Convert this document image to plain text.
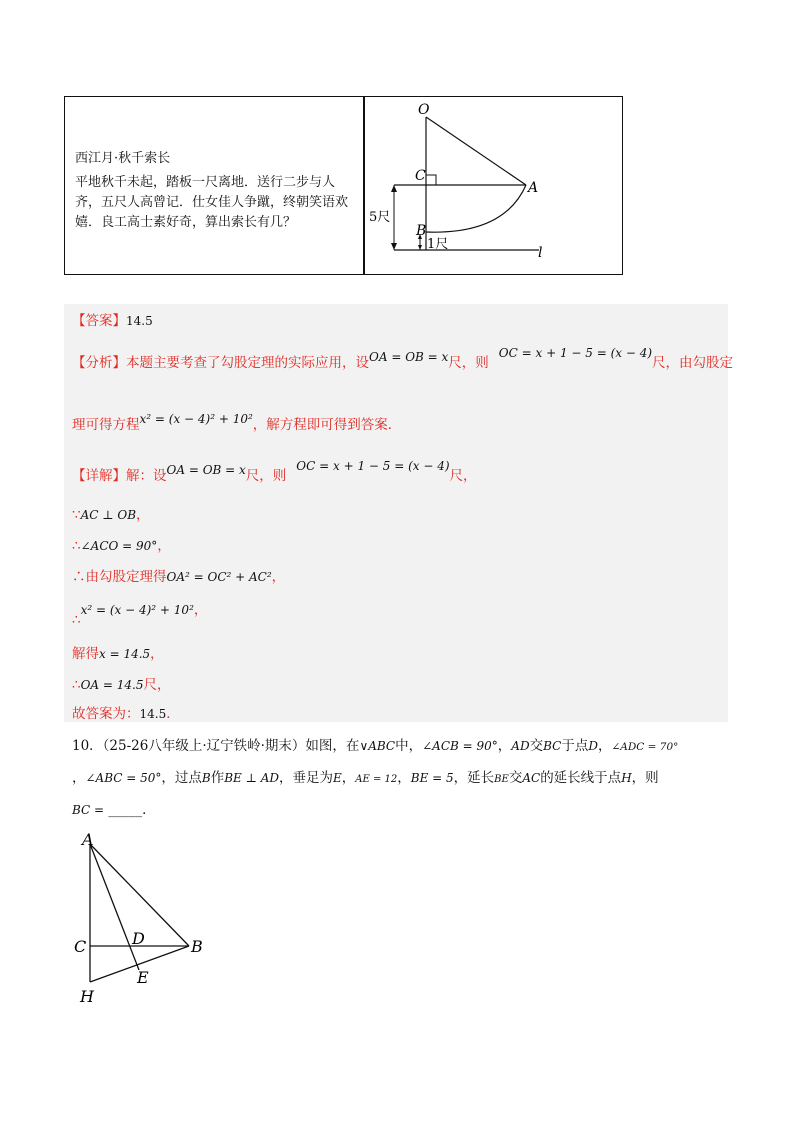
西江月·秋千索长
平地秋千未起，踏板一尺离地．送行二步与人齐，五尺人高曾记．仕女佳人争蹴，终朝笑语欢嬉．良工高士素好奇，算出索长有几？
O
C
A
B
l
5尺
1尺
【答案】14.5
【分析】本题主要考查了勾股定理的实际应用，设OA = OB = x尺，则OC = x + 1 − 5 = (x − 4)尺，由勾股定
理可得方程x² = (x − 4)² + 10²，解方程即可得到答案．
【详解】解：设OA = OB = x尺，则OC = x + 1 − 5 = (x − 4)尺，
∵AC ⊥ OB，
∴∠ACO = 90°，
∴由勾股定理得OA² = OC² + AC²，
∴x² = (x − 4)² + 10²，
解得x = 14.5，
∴OA = 14.5尺，
故答案为：14.5．
10．（25-26八年级上·辽宁铁岭·期末）如图，在∨ABC中，∠ACB = 90°，AD交BC于点D，∠ADC = 70°
，∠ABC = 50°，过点B作BE ⊥ AD，垂足为E，AE = 12，BE = 5，延长BE交AC的延长线于点H，则
BC = _____．
A
C	D	B
E
H
